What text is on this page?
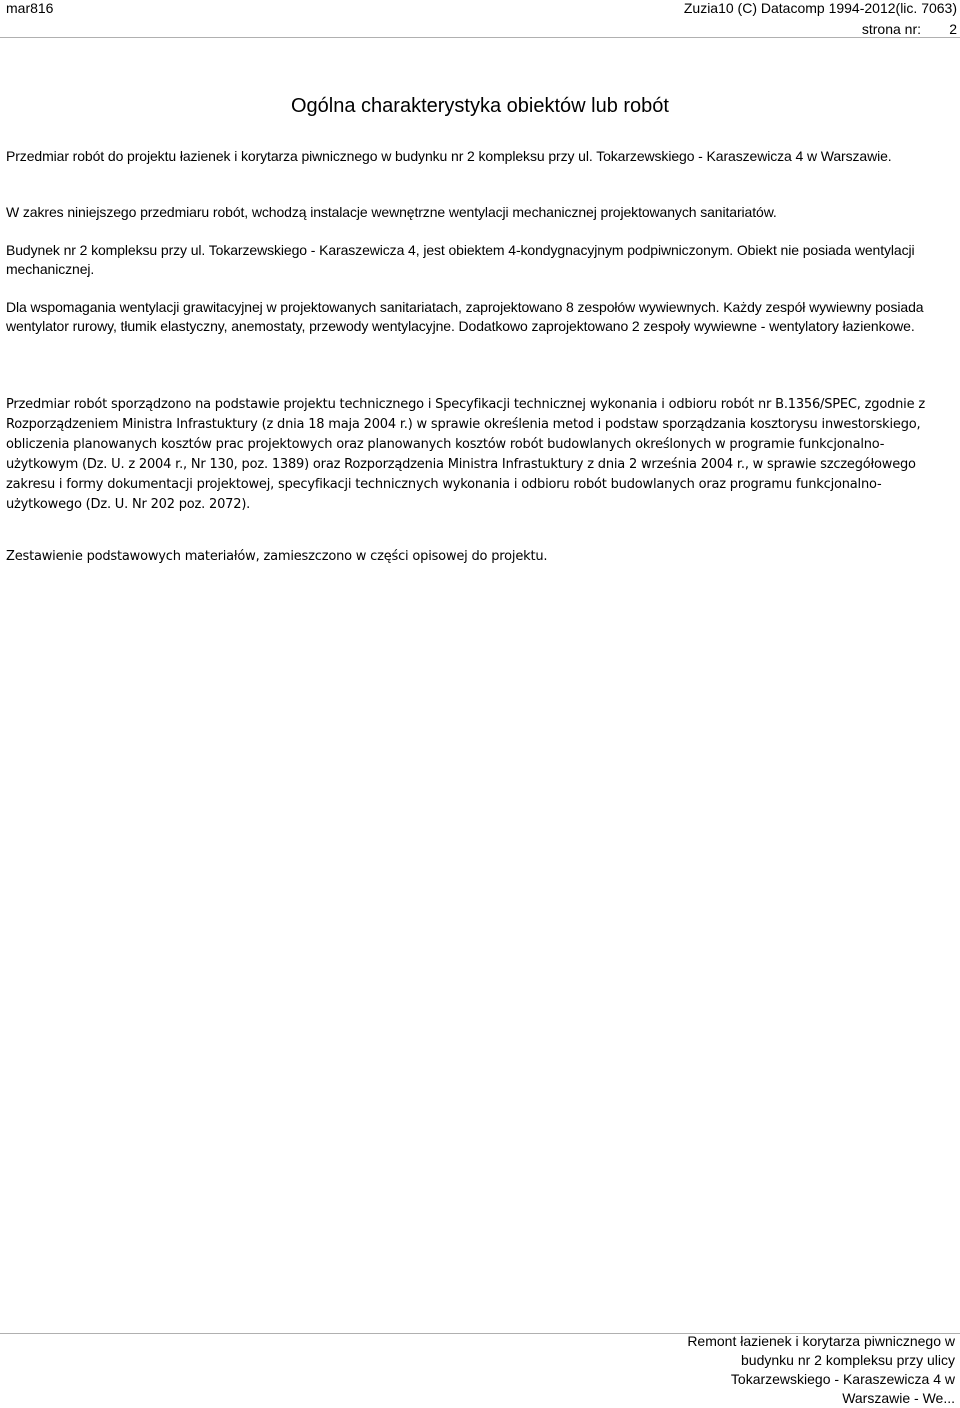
mar816	Zuzia10 (C) Datacomp 1994-2012(lic. 7063)
strona nr: 2
Ogólna charakterystyka obiektów lub robót

Przedmiar robót do projektu łazienek i korytarza piwnicznego w budynku nr 2 kompleksu przy ul. Tokarzewskiego - Karaszewicza 4 w Warszawie.

W zakres niniejszego przedmiaru robót, wchodzą instalacje wewnętrzne wentylacji mechanicznej projektowanych sanitariatów.

Budynek nr 2 kompleksu przy ul. Tokarzewskiego - Karaszewicza 4, jest obiektem 4-kondygnacyjnym podpiwniczonym. Obiekt nie posiada wentylacji mechanicznej.

Dla wspomagania wentylacji grawitacyjnej w projektowanych sanitariatach, zaprojektowano 8 zespołów wywiewnych. Każdy zespół wywiewny posiada wentylator rurowy, tłumik elastyczny, anemostaty, przewody wentylacyjne. Dodatkowo zaprojektowano 2 zespoły wywiewne - wentylatory łazienkowe.

Przedmiar robót sporządzono na podstawie projektu technicznego i Specyfikacji technicznej wykonania i odbioru robót nr B.1356/SPEC, zgodnie z Rozporządzeniem Ministra Infrastuktury (z dnia 18 maja 2004 r.) w sprawie określenia metod i podstaw sporządzania kosztorysu inwestorskiego, obliczenia planowanych kosztów prac projektowych oraz planowanych kosztów robót budowlanych określonych w programie funkcjonalno-użytkowym (Dz. U. z 2004 r., Nr 130, poz. 1389) oraz Rozporządzenia Ministra Infrastuktury z dnia 2 września 2004 r., w sprawie szczegółowego zakresu i formy dokumentacji projektowej, specyfikacji technicznych wykonania i odbioru robót budowlanych oraz programu funkcjonalno-użytkowego (Dz. U. Nr 202 poz. 2072).

Zestawienie podstawowych materiałów, zamieszczono w części opisowej do projektu.

Remont łazienek i korytarza piwnicznego w
budynku nr 2 kompleksu przy ulicy
Tokarzewskiego - Karaszewicza 4 w
Warszawie - We...
